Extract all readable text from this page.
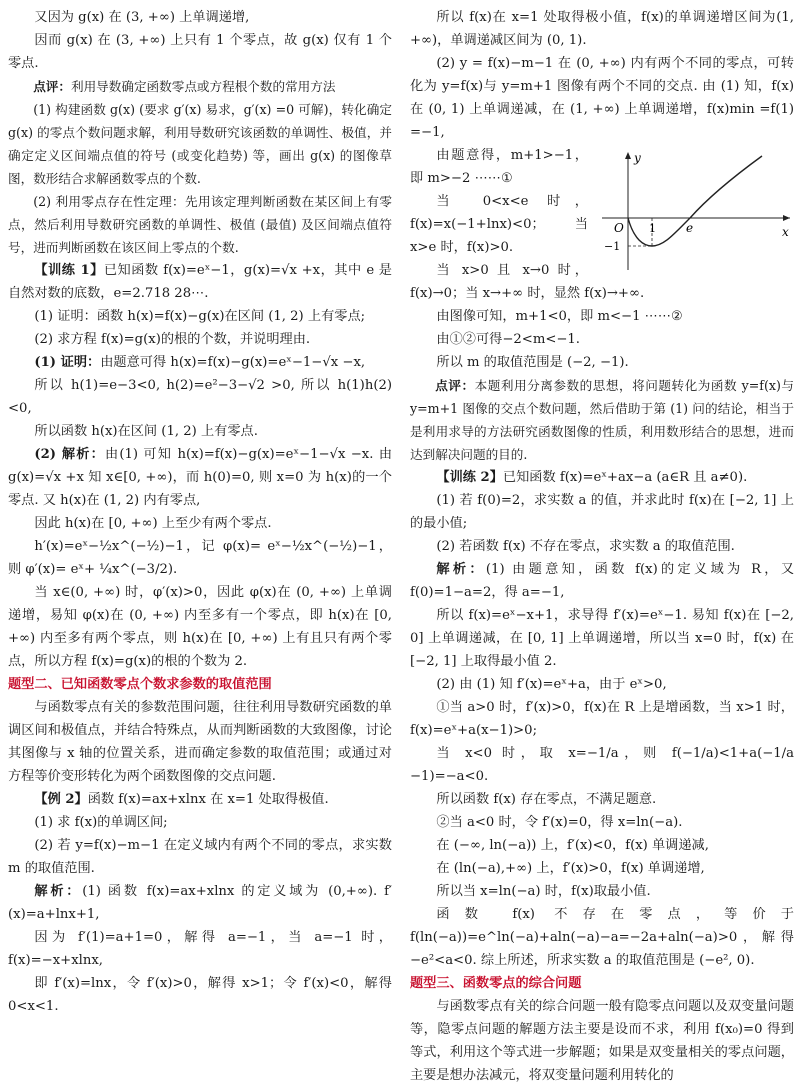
又因为 g(x) 在 (3, +∞) 上单调递增,

因而 g(x) 在 (3, +∞) 上只有 1 个零点，故 g(x) 仅有 1 个零点.

点评：利用导数确定函数零点或方程根个数的常用方法

(1) 构建函数 g(x) (要求 g′(x) 易求，g′(x) =0 可解)，转化确定 g(x) 的零点个数问题求解，利用导数研究该函数的单调性、极值，并确定定义区间端点值的符号 (或变化趋势) 等，画出 g(x) 的图像草图，数形结合求解函数零点的个数.

(2) 利用零点存在性定理：先用该定理判断函数在某区间上有零点，然后利用导数研究函数的单调性、极值 (最值) 及区间端点值符号，进而判断函数在该区间上零点的个数.

【训练 1】已知函数 f(x)=eˣ−1，g(x)=√x +x，其中 e 是自然对数的底数，e=2.718 28⋯.

(1) 证明：函数 h(x)=f(x)−g(x)在区间 (1, 2) 上有零点;

(2) 求方程 f(x)=g(x)的根的个数，并说明理由.

(1) 证明：由题意可得 h(x)=f(x)−g(x)=eˣ−1−√x −x,

所以 h(1)=e−3<0, h(2)=e²−3−√2 >0, 所以 h(1)h(2)<0,

所以函数 h(x)在区间 (1, 2) 上有零点.

(2) 解析：由(1) 可知 h(x)=f(x)−g(x)=eˣ−1−√x −x. 由 g(x)=√x +x 知 x∈[0, +∞)，而 h(0)=0, 则 x=0 为 h(x)的一个零点. 又 h(x)在 (1, 2) 内有零点,

因此 h(x)在 [0, +∞) 上至少有两个零点.

h′(x)=eˣ−½x^(−½)−1，记 φ(x)= eˣ−½x^(−½)−1，则 φ′(x)= eˣ+ ¼x^(−3/2).

当 x∈(0, +∞) 时，φ′(x)>0，因此 φ(x)在 (0, +∞) 上单调递增，易知 φ(x)在 (0, +∞) 内至多有一个零点，即 h(x)在 [0, +∞) 内至多有两个零点，则 h(x)在 [0, +∞) 上有且只有两个零点，所以方程 f(x)=g(x)的根的个数为 2.

题型二、已知函数零点个数求参数的取值范围

与函数零点有关的参数范围问题，往往利用导数研究函数的单调区间和极值点，并结合特殊点，从而判断函数的大致图像，讨论其图像与 x 轴的位置关系，进而确定参数的取值范围；或通过对方程等价变形转化为两个函数图像的交点问题.

【例 2】函数 f(x)=ax+xlnx 在 x=1 处取得极值.

(1) 求 f(x)的单调区间;

(2) 若 y=f(x)−m−1 在定义域内有两个不同的零点，求实数 m 的取值范围.

解析：(1) 函数 f(x)=ax+xlnx 的定义域为 (0,+∞). f′(x)=a+lnx+1,

因为 f′(1)=a+1=0，解得 a=−1，当 a=−1 时，f(x)=−x+xlnx,

即 f′(x)=lnx，令 f′(x)>0，解得 x>1；令 f′(x)<0，解得 0<x<1.

所以 f(x)在 x=1 处取得极小值，f(x)的单调递增区间为(1, +∞)，单调递减区间为 (0, 1).

(2) y = f(x)−m−1 在 (0, +∞) 内有两个不同的零点，可转化为 y=f(x)与 y=m+1 图像有两个不同的交点. 由 (1) 知，f(x)在 (0, 1) 上单调递减，在 (1, +∞) 上单调递增，f(x)min =f(1) =−1,

y
x
O 1	e
−1

由题意得，m+1>−1，即 m>−2 ⋯⋯①

当 0<x<e 时，f(x)=x(−1+lnx)<0；当 x>e 时，f(x)>0.

当 x>0 且 x→0 时，f(x)→0；当 x→+∞ 时，显然 f(x)→+∞.

由图像可知，m+1<0，即 m<−1 ⋯⋯②

由①②可得−2<m<−1.

所以 m 的取值范围是 (−2, −1).

点评：本题利用分离参数的思想，将问题转化为函数 y=f(x)与 y=m+1 图像的交点个数问题，然后借助于第 (1) 问的结论，相当于是利用求导的方法研究函数图像的性质，利用数形结合的思想，进而达到解决问题的目的.

【训练 2】已知函数 f(x)=eˣ+ax−a (a∈R 且 a≠0).

(1) 若 f(0)=2，求实数 a 的值，并求此时 f(x)在 [−2, 1] 上的最小值;

(2) 若函数 f(x) 不存在零点，求实数 a 的取值范围.

解析：(1) 由题意知，函数 f(x)的定义域为 R，又 f(0)=1−a=2，得 a=−1,

所以 f(x)=eˣ−x+1，求导得 f′(x)=eˣ−1. 易知 f(x)在 [−2, 0] 上单调递减，在 [0, 1] 上单调递增，所以当 x=0 时，f(x) 在 [−2, 1] 上取得最小值 2.

(2) 由 (1) 知 f′(x)=eˣ+a，由于 eˣ>0,

①当 a>0 时，f′(x)>0，f(x)在 R 上是增函数，当 x>1 时，f(x)=eˣ+a(x−1)>0;

当 x<0 时，取 x=−1/a，则 f(−1/a)<1+a(−1/a −1)=−a<0.

所以函数 f(x) 存在零点，不满足题意.

②当 a<0 时，令 f′(x)=0，得 x=ln(−a).

在 (−∞, ln(−a)) 上，f′(x)<0，f(x) 单调递减,

在 (ln(−a),+∞) 上，f′(x)>0，f(x) 单调递增,

所以当 x=ln(−a) 时，f(x)取最小值.

函数 f(x) 不存在零点，等价于 f(ln(−a))=e^ln(−a)+aln(−a)−a=−2a+aln(−a)>0，解得−e²<a<0. 综上所述，所求实数 a 的取值范围是 (−e², 0).

题型三、函数零点的综合问题

与函数零点有关的综合问题一般有隐零点问题以及双变量问题等，隐零点问题的解题方法主要是设而不求，利用 f(x₀)=0 得到等式，利用这个等式进一步解题；如果是双变量相关的零点问题，主要是想办法减元，将双变量问题利用转化的
